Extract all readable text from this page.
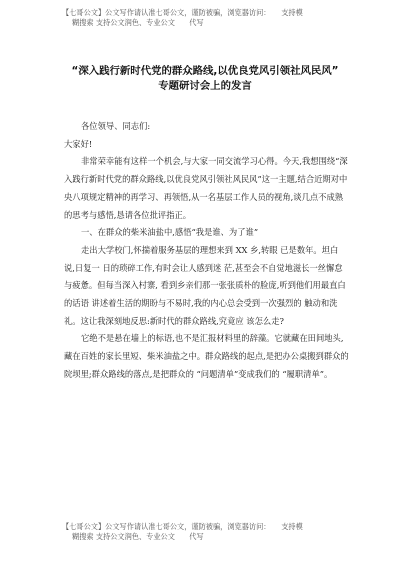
【七哥公文】公文写作请认准七哥公文，谨防被骗，浏览器访问：　　支持模
糊搜索 支持公文润色、专业公文　　代写
“深入践行新时代党的群众路线,以优良党风引领社风民风”
专题研讨会上的发言

各位领导、同志们:

大家好!

非常荣幸能有这样一个机会,与大家一同交流学习心得。今天,我想围绕“深入践行新时代党的群众路线,以优良党风引领社风民风”这一主题,结合近期对中央八项规定精神的再学习、再领悟,从一名基层工作人员的视角,谈几点不成熟的思考与感悟,恳请各位批评指正。

一、在群众的柴米油盐中,感悟“我是谁、为了谁”

走出大学校门,怀揣着服务基层的理想来到 XX 乡,转眼 已是数年。坦白说,日复一 日的琐碎工作,有时会让人感到迷 茫,甚至会不自觉地滋长一丝懈怠与疲惫。但每当深入村寨, 看到乡亲们那一张张质朴的脸庞,听到他们用最直白的话语 讲述着生活的期盼与不易时,我的内心总会受到一次强烈的 触动和洗礼。这让我深刻地反思:新时代的群众路线,究竟应 该怎么走?

它绝不是悬在墙上的标语,也不是汇报材料里的辞藻。它就藏在田间地头,藏在百姓的家长里短、柴米油盐之中。群众路线的起点,是把办公桌搬到群众的院坝里;群众路线的落点,是把群众的 “问题清单”变成我们的 “履职清单”。

【七哥公文】公文写作请认准七哥公文，谨防被骗，浏览器访问：　　支持模
糊搜索 支持公文润色、专业公文　　代写
